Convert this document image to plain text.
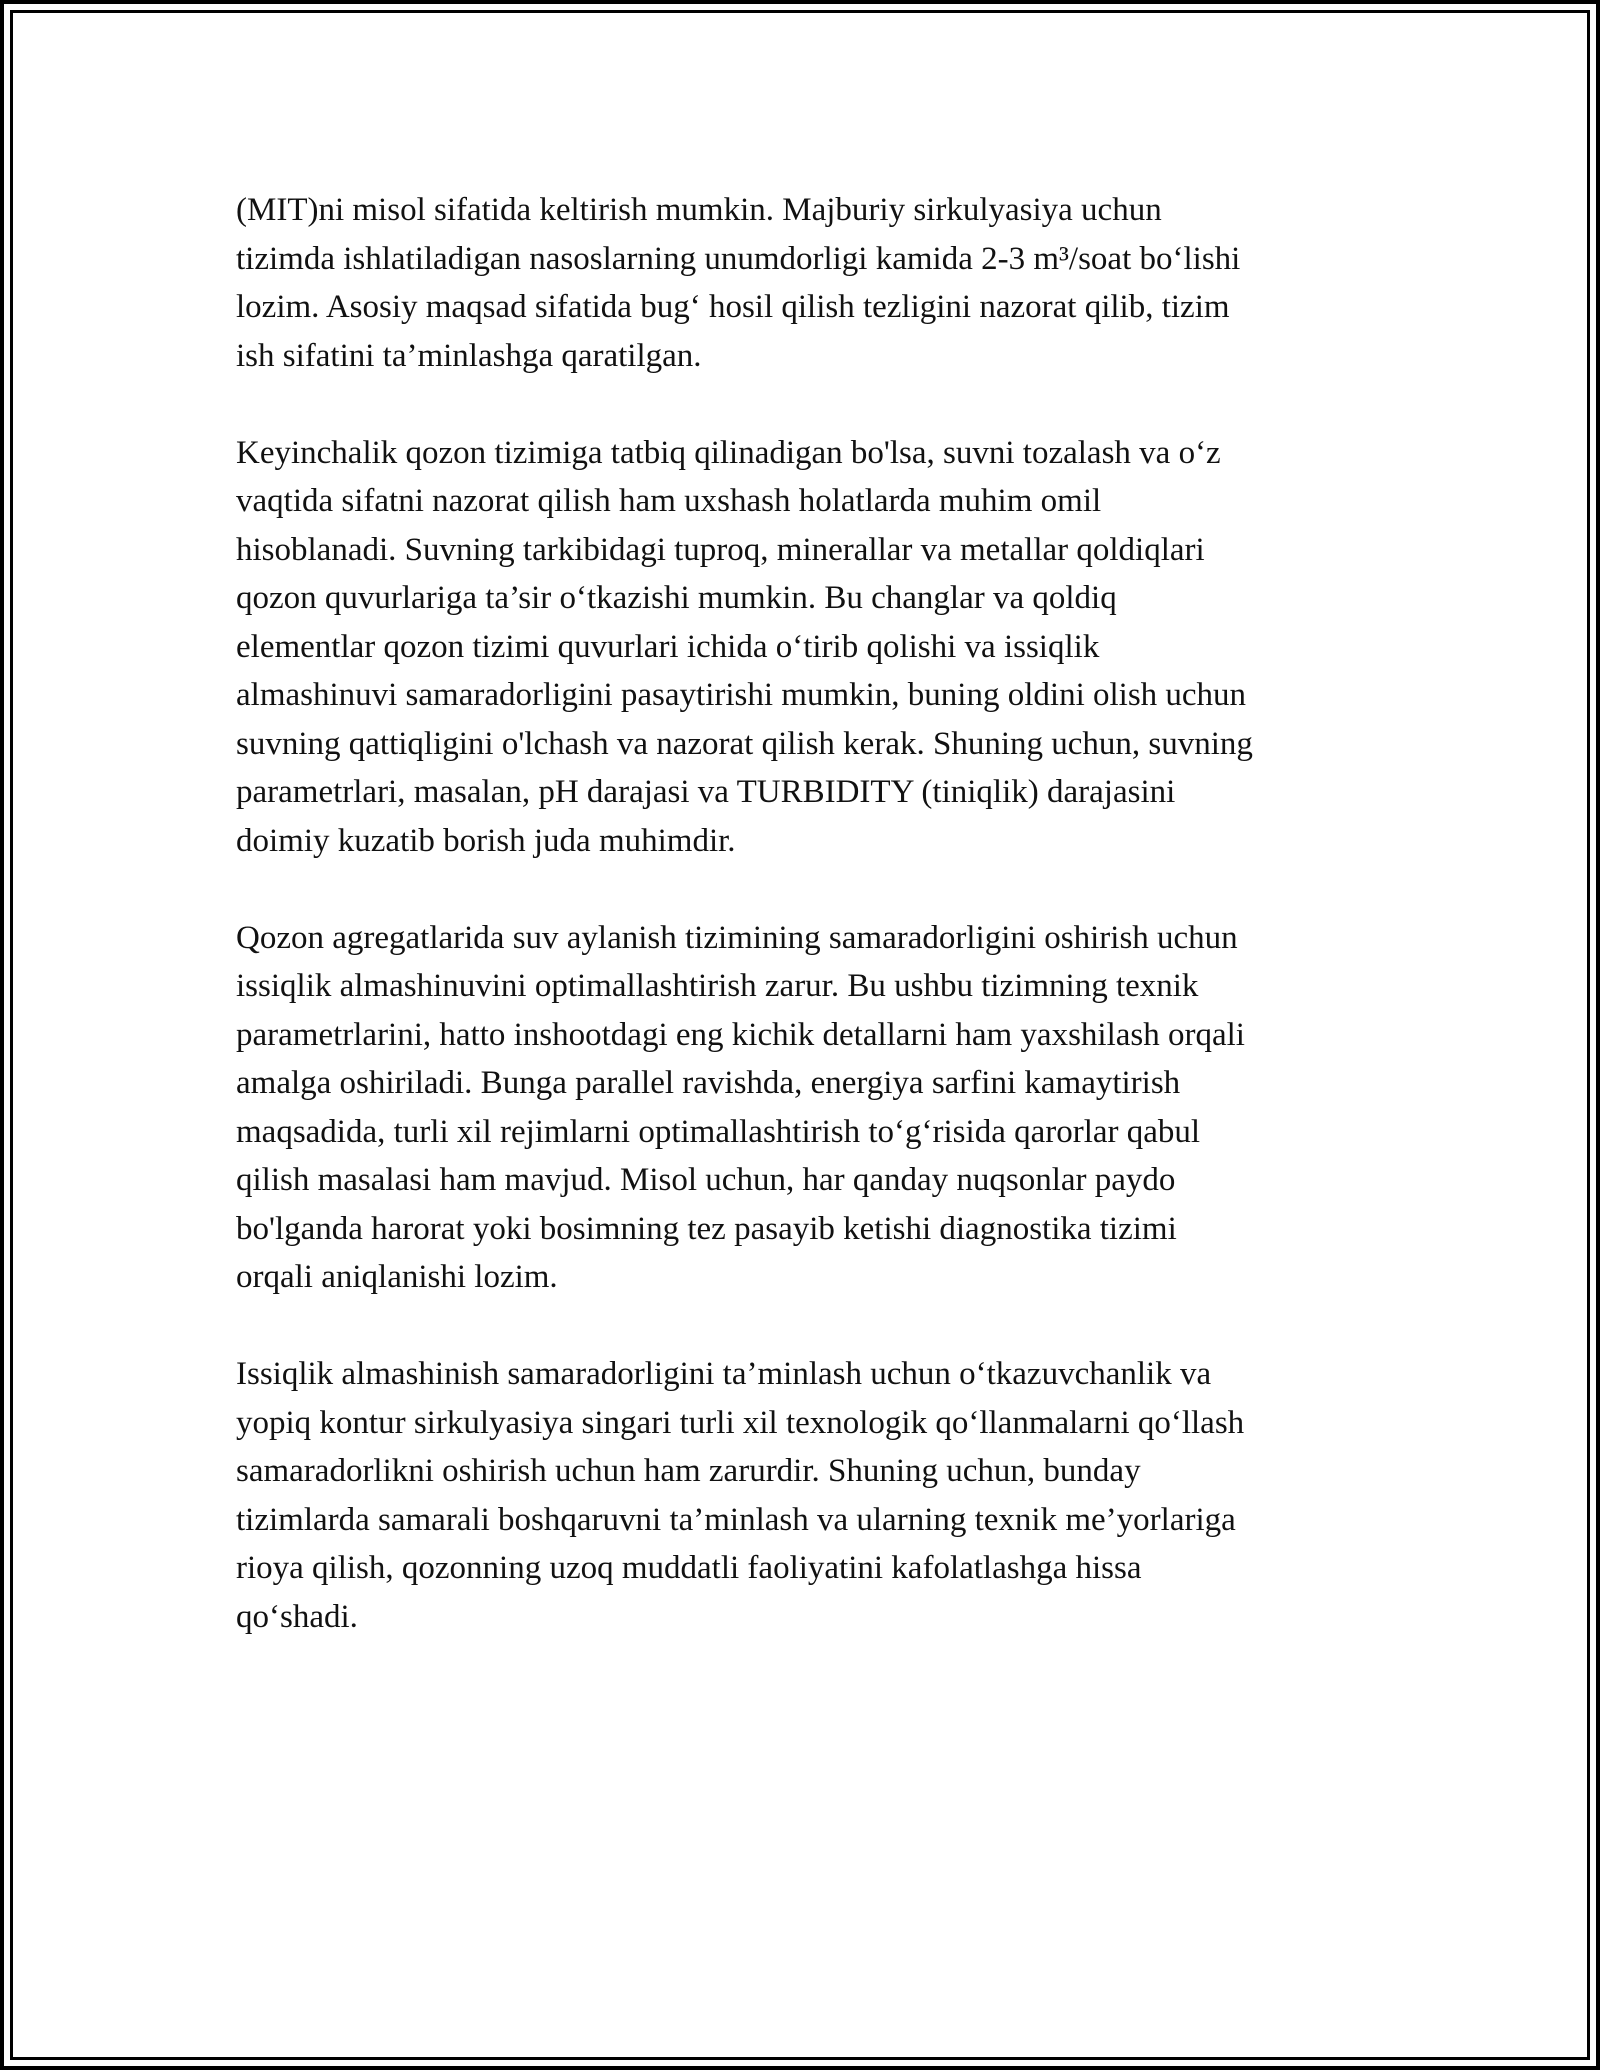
(MIT)ni misol sifatida keltirish mumkin. Majburiy sirkulyasiya uchun
tizimda ishlatiladigan nasoslarning unumdorligi kamida 2-3 m³/soat bo‘lishi
lozim. Asosiy maqsad sifatida bug‘ hosil qilish tezligini nazorat qilib, tizim
ish sifatini ta’minlashga qaratilgan.

Keyinchalik qozon tizimiga tatbiq qilinadigan bo'lsa, suvni tozalash va o‘z
vaqtida sifatni nazorat qilish ham uxshash holatlarda muhim omil
hisoblanadi. Suvning tarkibidagi tuproq, minerallar va metallar qoldiqlari
qozon quvurlariga ta’sir o‘tkazishi mumkin. Bu changlar va qoldiq
elementlar qozon tizimi quvurlari ichida o‘tirib qolishi va issiqlik
almashinuvi samaradorligini pasaytirishi mumkin, buning oldini olish uchun
suvning qattiqligini o'lchash va nazorat qilish kerak. Shuning uchun, suvning
parametrlari, masalan, pH darajasi va TURBIDITY (tiniqlik) darajasini
doimiy kuzatib borish juda muhimdir.

Qozon agregatlarida suv aylanish tizimining samaradorligini oshirish uchun
issiqlik almashinuvini optimallashtirish zarur. Bu ushbu tizimning texnik
parametrlarini, hatto inshootdagi eng kichik detallarni ham yaxshilash orqali
amalga oshiriladi. Bunga parallel ravishda, energiya sarfini kamaytirish
maqsadida, turli xil rejimlarni optimallashtirish to‘g‘risida qarorlar qabul
qilish masalasi ham mavjud. Misol uchun, har qanday nuqsonlar paydo
bo'lganda harorat yoki bosimning tez pasayib ketishi diagnostika tizimi
orqali aniqlanishi lozim.

Issiqlik almashinish samaradorligini ta’minlash uchun o‘tkazuvchanlik va
yopiq kontur sirkulyasiya singari turli xil texnologik qo‘llanmalarni qo‘llash
samaradorlikni oshirish uchun ham zarurdir. Shuning uchun, bunday
tizimlarda samarali boshqaruvni ta’minlash va ularning texnik me’yorlariga
rioya qilish, qozonning uzoq muddatli faoliyatini kafolatlashga hissa
qo‘shadi.
